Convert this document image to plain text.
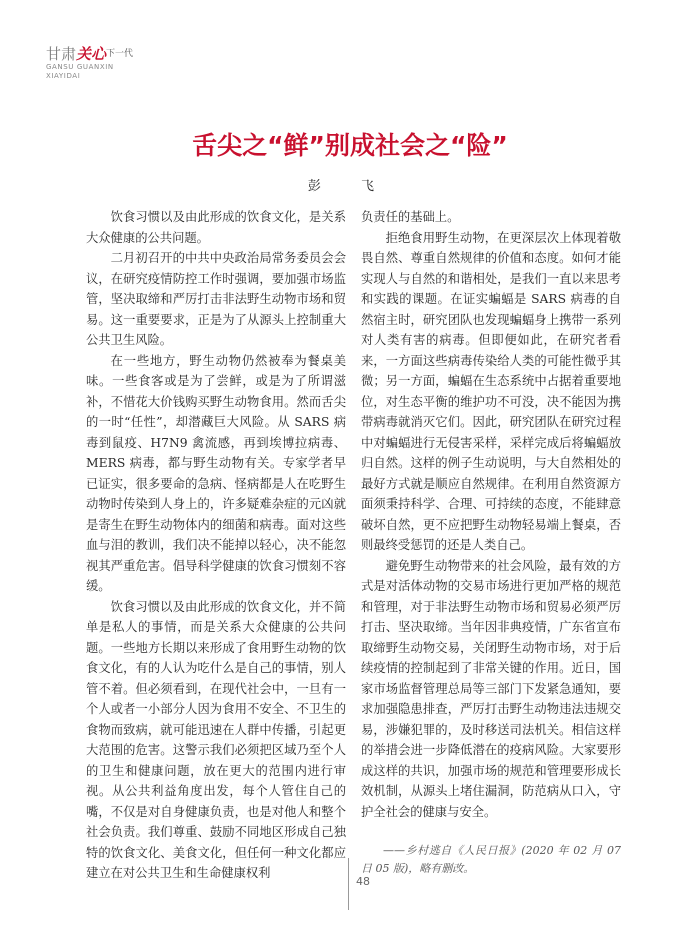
甘肃关心$^{下一代}$
GANSU GUANXIN
XIAYIDAI
舌尖之“鲜”别成社会之“险”
彭 飞

饮食习惯以及由此形成的饮食文化，是关系大众健康的公共问题。

二月初召开的中共中央政治局常务委员会会议，在研究疫情防控工作时强调，要加强市场监管，坚决取缔和严厉打击非法野生动物市场和贸易。这一重要要求，正是为了从源头上控制重大公共卫生风险。

在一些地方，野生动物仍然被奉为餐桌美味。一些食客或是为了尝鲜，或是为了所谓滋补，不惜花大价钱购买野生动物食用。然而舌尖的一时“任性”，却潜藏巨大风险。从 SARS 病毒到鼠疫、H7N9 禽流感，再到埃博拉病毒、MERS 病毒，都与野生动物有关。专家学者早已证实，很多要命的急病、怪病都是人在吃野生动物时传染到人身上的，许多疑难杂症的元凶就是寄生在野生动物体内的细菌和病毒。面对这些血与泪的教训，我们决不能掉以轻心，决不能忽视其严重危害。倡导科学健康的饮食习惯刻不容缓。

饮食习惯以及由此形成的饮食文化，并不简单是私人的事情，而是关系大众健康的公共问题。一些地方长期以来形成了食用野生动物的饮食文化，有的人认为吃什么是自己的事情，别人管不着。但必须看到，在现代社会中，一旦有一个人或者一小部分人因为食用不安全、不卫生的食物而致病，就可能迅速在人群中传播，引起更大范围的危害。这警示我们必须把区域乃至个人的卫生和健康问题，放在更大的范围内进行审视。从公共利益角度出发，每个人管住自己的嘴，不仅是对自身健康负责，也是对他人和整个社会负责。我们尊重、鼓励不同地区形成自己独特的饮食文化、美食文化，但任何一种文化都应建立在对公共卫生和生命健康权利

负责任的基础上。

拒绝食用野生动物，在更深层次上体现着敬畏自然、尊重自然规律的价值和态度。如何才能实现人与自然的和谐相处，是我们一直以来思考和实践的课题。在证实蝙蝠是 SARS 病毒的自然宿主时，研究团队也发现蝙蝠身上携带一系列对人类有害的病毒。但即便如此，在研究者看来，一方面这些病毒传染给人类的可能性微乎其微；另一方面，蝙蝠在生态系统中占据着重要地位，对生态平衡的维护功不可没，决不能因为携带病毒就消灭它们。因此，研究团队在研究过程中对蝙蝠进行无侵害采样，采样完成后将蝙蝠放归自然。这样的例子生动说明，与大自然相处的最好方式就是顺应自然规律。在利用自然资源方面须秉持科学、合理、可持续的态度，不能肆意破坏自然，更不应把野生动物轻易端上餐桌，否则最终受惩罚的还是人类自己。

避免野生动物带来的社会风险，最有效的方式是对活体动物的交易市场进行更加严格的规范和管理，对于非法野生动物市场和贸易必须严厉打击、坚决取缔。当年因非典疫情，广东省宣布取缔野生动物交易，关闭野生动物市场，对于后续疫情的控制起到了非常关键的作用。近日，国家市场监督管理总局等三部门下发紧急通知，要求加强隐患排查，严厉打击野生动物违法违规交易，涉嫌犯罪的，及时移送司法机关。相信这样的举措会进一步降低潜在的疫病风险。大家要形成这样的共识，加强市场的规范和管理要形成长效机制，从源头上堵住漏洞，防范病从口入，守护全社会的健康与安全。

——乡村逃自《人民日报》(2020 年 02 月 07 日 05 版)，略有删改。

48
